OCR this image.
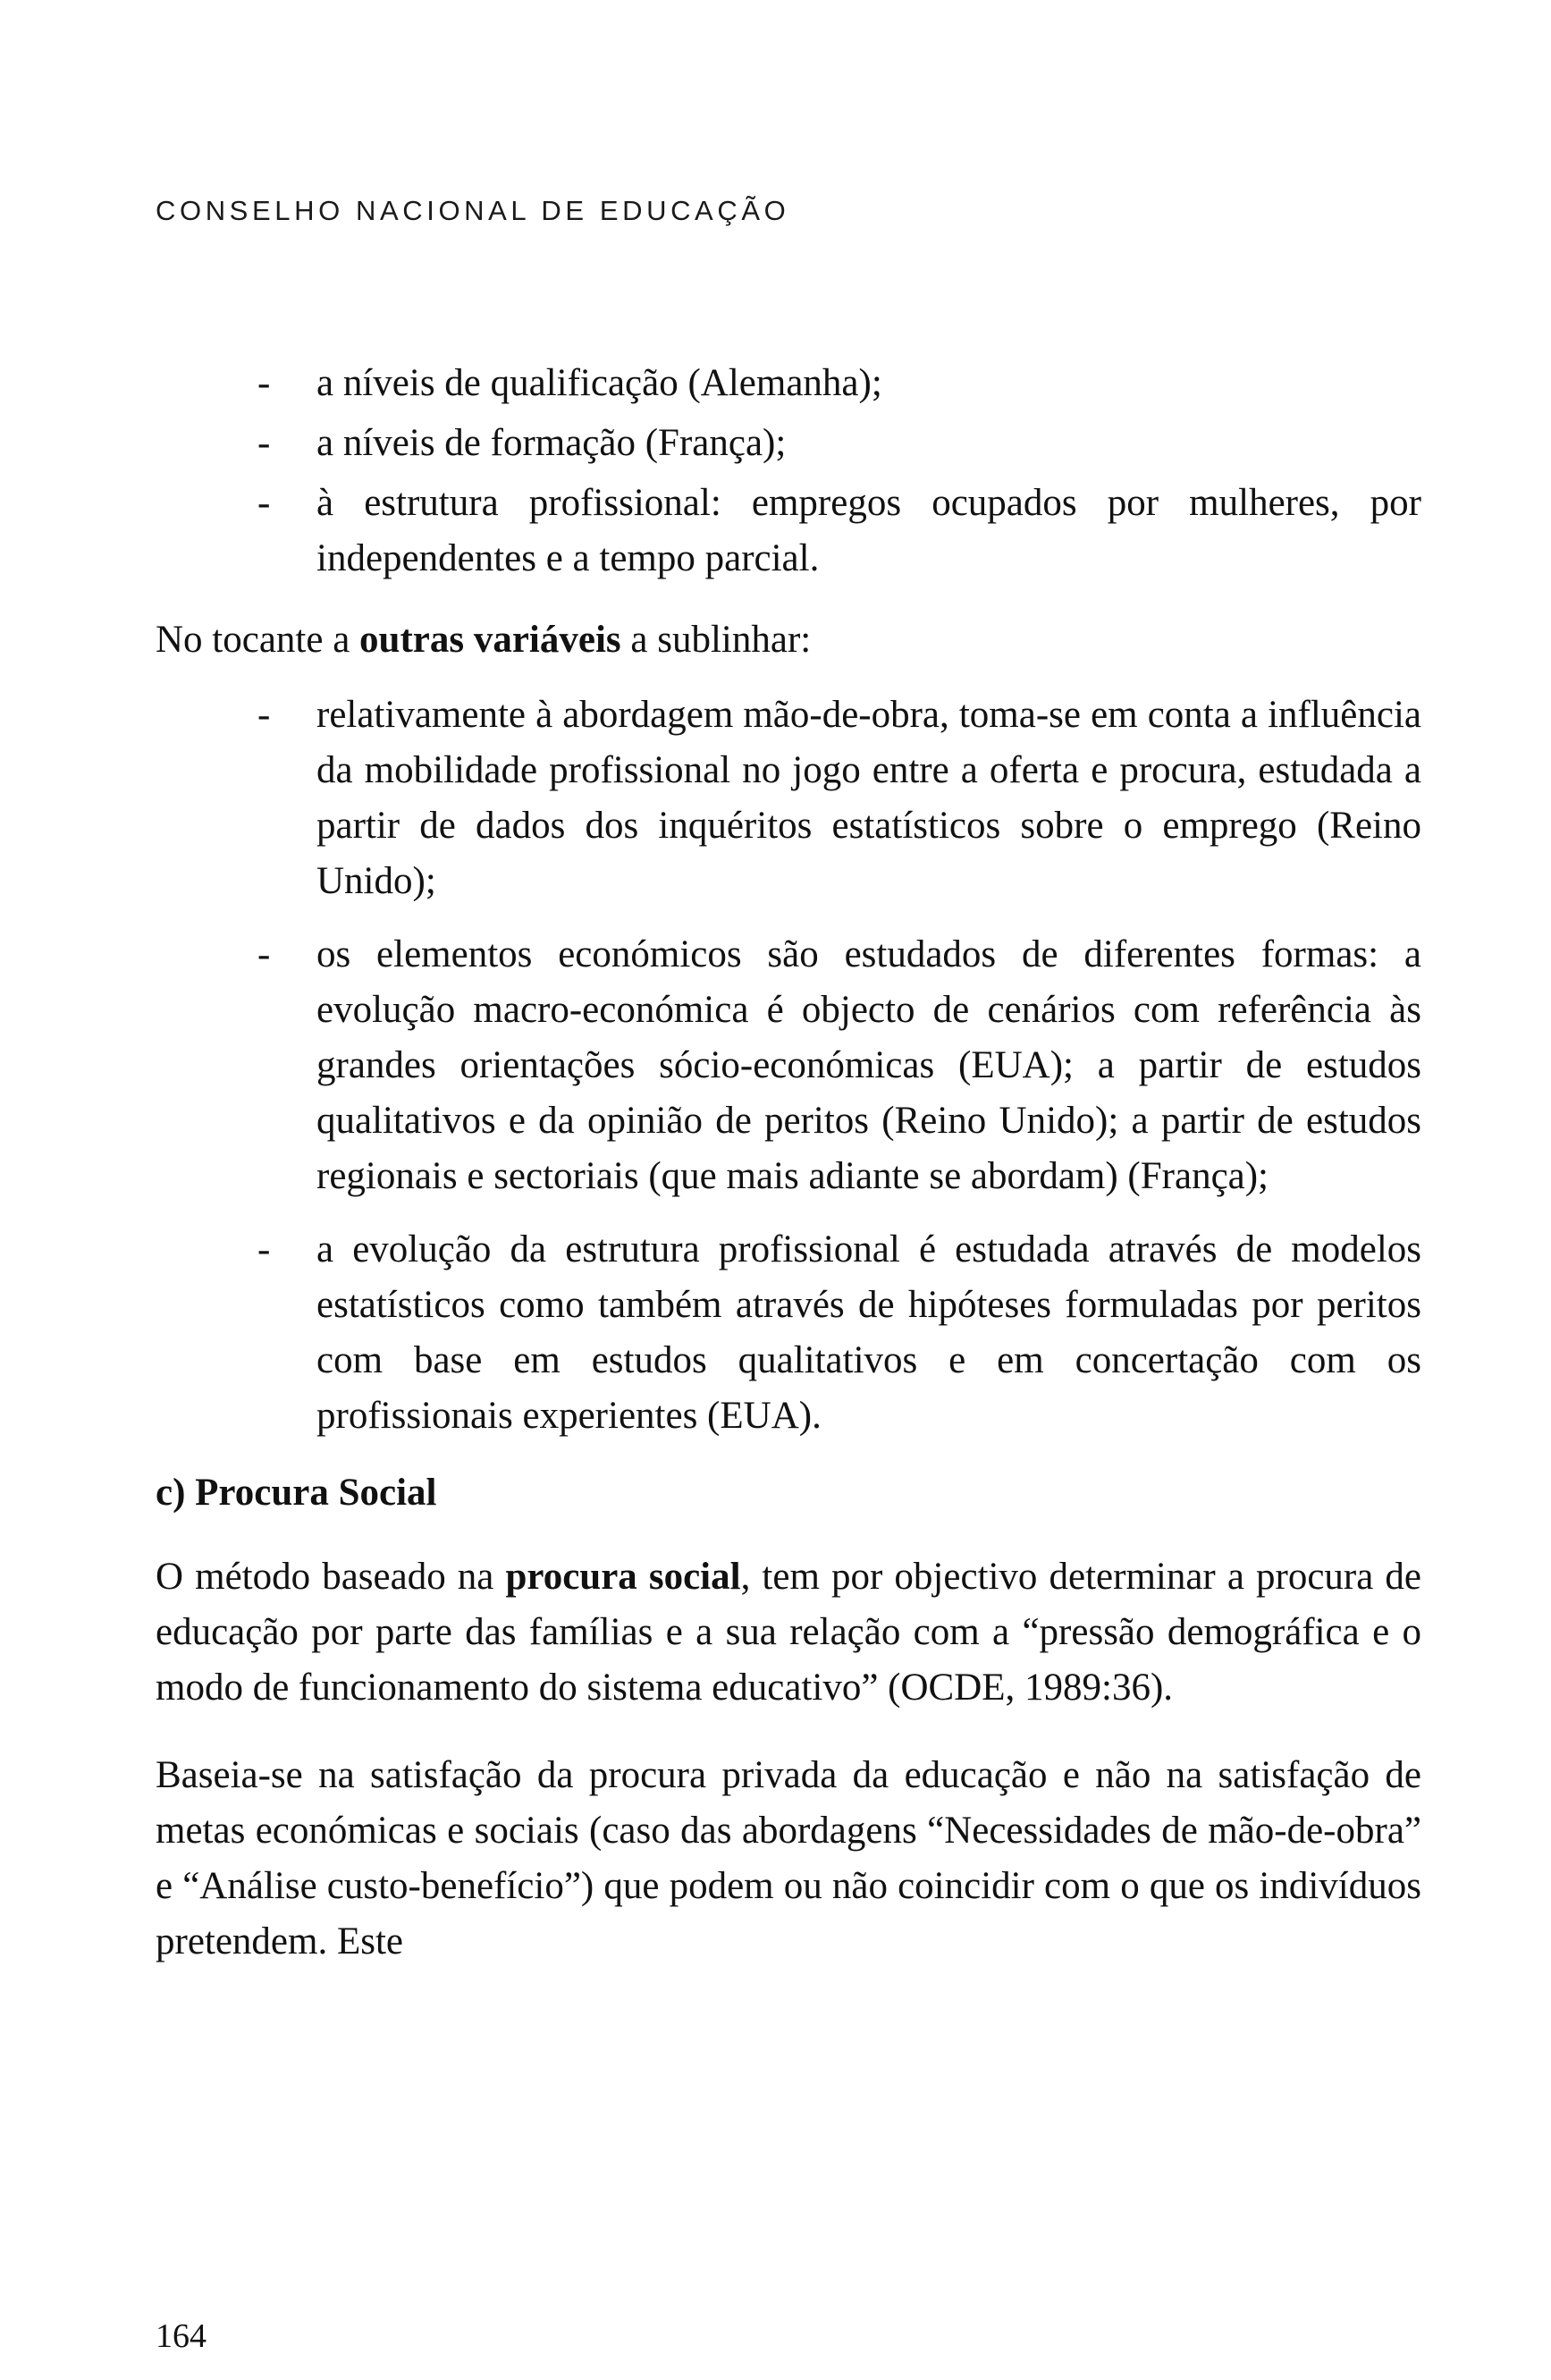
CONSELHO NACIONAL DE EDUCAÇÃO
- a níveis de qualificação (Alemanha);
- a níveis de formação (França);
- à estrutura profissional: empregos ocupados por mulheres, por independentes e a tempo parcial.

No tocante a outras variáveis a sublinhar:

- relativamente à abordagem mão-de-obra, toma-se em conta a influência da mobilidade profissional no jogo entre a oferta e procura, estudada a partir de dados dos inquéritos estatísticos sobre o emprego (Reino Unido);
- os elementos económicos são estudados de diferentes formas: a evolução macro-económica é objecto de cenários com referência às grandes orientações sócio-económicas (EUA); a partir de estudos qualitativos e da opinião de peritos (Reino Unido); a partir de estudos regionais e sectoriais (que mais adiante se abordam) (França);
- a evolução da estrutura profissional é estudada através de modelos estatísticos como também através de hipóteses formuladas por peritos com base em estudos qualitativos e em concertação com os profissionais experientes (EUA).

c) Procura Social

O método baseado na procura social, tem por objectivo determinar a procura de educação por parte das famílias e a sua relação com a “pressão demográfica e o modo de funcionamento do sistema educativo” (OCDE, 1989:36).

Baseia-se na satisfação da procura privada da educação e não na satisfação de metas económicas e sociais (caso das abordagens “Necessidades de mão-de-obra” e “Análise custo-benefício”) que podem ou não coincidir com o que os indivíduos pretendem. Este

164
